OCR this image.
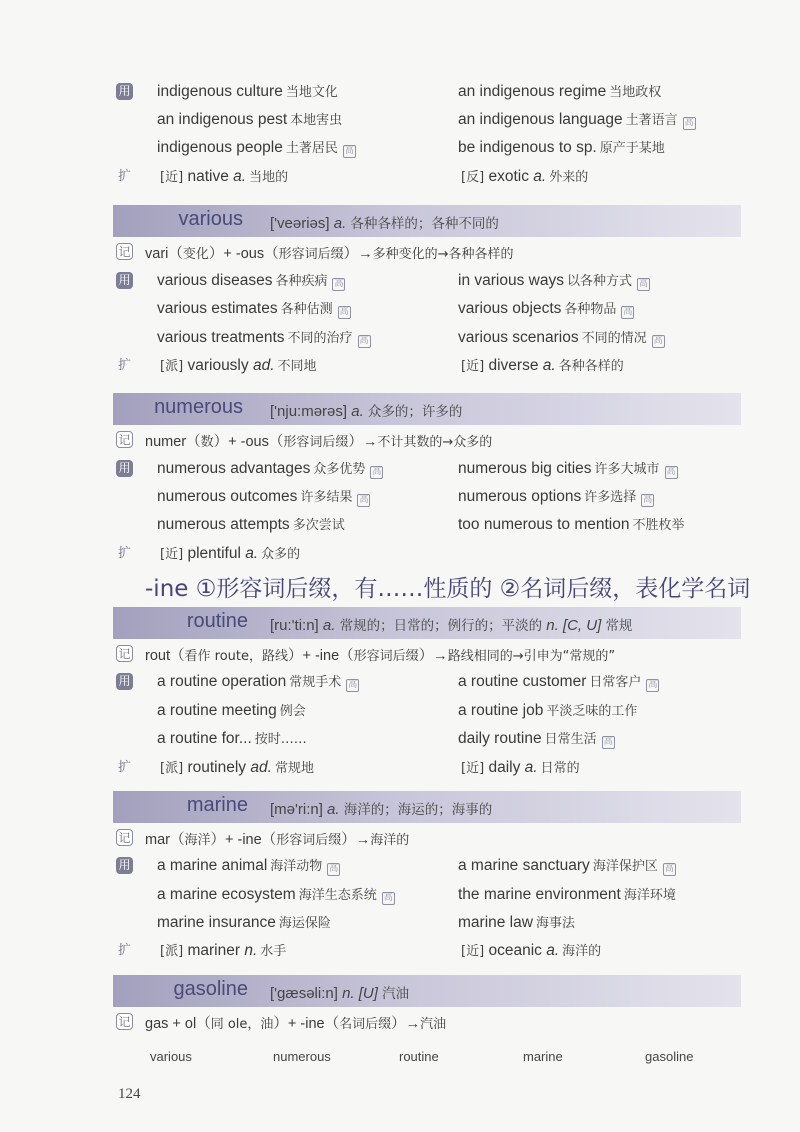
用 indigenous culture 当地文化	an indigenous regime 当地政权
an indigenous pest 本地害虫	an indigenous language 土著语言 高
indigenous people 土著居民 高	be indigenous to sp. 原产于某地
扩 [近] native a. 当地的	[反] exotic a. 外来的
various ['veəriəs] a. 各种各样的；各种不同的
记 vari（变化）+ -ous（形容词后缀）→多种变化的→各种各样的
用 various diseases 各种疾病 高	in various ways 以各种方式 高
various estimates 各种估测 高	various objects 各种物品 高
various treatments 不同的治疗 高	various scenarios 不同的情况 高
扩 [派] variously ad. 不同地	[近] diverse a. 各种各样的
numerous ['nju:mərəs] a. 众多的；许多的
记 numer（数）+ -ous（形容词后缀）→不计其数的→众多的
用 numerous advantages 众多优势 高	numerous big cities 许多大城市 高
numerous outcomes 许多结果 高	numerous options 许多选择 高
numerous attempts 多次尝试	too numerous to mention 不胜枚举
扩 [近] plentiful a. 众多的
-ine ①形容词后缀，有……性质的 ②名词后缀，表化学名词
routine [ru:'ti:n] a. 常规的；日常的；例行的；平淡的 n. [C, U] 常规
记 rout（看作 route，路线）+ -ine（形容词后缀）→路线相同的→引申为“常规的”
用 a routine operation 常规手术 高	a routine customer 日常客户 高
a routine meeting 例会	a routine job 平淡乏味的工作
a routine for... 按时……	daily routine 日常生活 高
扩 [派] routinely ad. 常规地	[近] daily a. 日常的
marine [mə'ri:n] a. 海洋的；海运的；海事的
记 mar（海洋）+ -ine（形容词后缀）→海洋的
用 a marine animal 海洋动物 高	a marine sanctuary 海洋保护区 高
a marine ecosystem 海洋生态系统 高	the marine environment 海洋环境
marine insurance 海运保险	marine law 海事法
扩 [派] mariner n. 水手	[近] oceanic a. 海洋的
gasoline ['gæsəli:n] n. [U] 汽油
记 gas + ol（同 ole，油）+ -ine（名词后缀）→汽油
various	numerous	routine	marine	gasoline
124
